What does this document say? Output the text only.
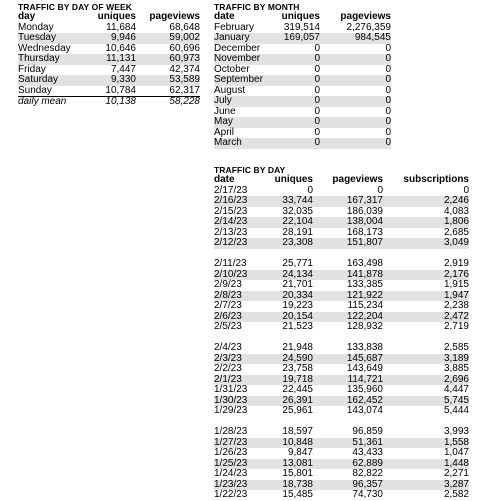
TRAFFIC BY DAY OF WEEK
day	uniques	pageviews
Monday	11,684	68,648
Tuesday	9,946	59,002
Wednesday	10,646	60,696
Thursday	11,131	60,973
Friday	7,447	42,374
Saturday	9,330	53,589
Sunday	10,784	62,317
daily mean	10,138	58,228
TRAFFIC BY MONTH
date	uniques	pageviews
February	319,514	2,276,359
January	169,057	984,545
December	0	0
November	0	0
October	0	0
September	0	0
August	0	0
July	0	0
June	0	0
May	0	0
April	0	0
March	0	0
TRAFFIC BY DAY
date	uniques	pageviews	subscriptions
2/17/23	0	0	0
2/16/23	33,744	167,317	2,246
2/15/23	32,035	186,039	4,083
2/14/23	22,104	138,004	1,806
2/13/23	28,191	168,173	2,685
2/12/23	23,308	151,807	3,049

2/11/23	25,771	163,498	2,919
2/10/23	24,134	141,878	2,176
2/9/23	21,701	133,385	1,915
2/8/23	20,334	121,922	1,947
2/7/23	19,223	115,234	2,238
2/6/23	20,154	122,204	2,472
2/5/23	21,523	128,932	2,719

2/4/23	21,948	133,838	2,585
2/3/23	24,590	145,687	3,189
2/2/23	23,758	143,649	3,885
2/1/23	19,718	114,721	2,696
1/31/23	22,445	135,960	4,447
1/30/23	26,391	162,452	5,745
1/29/23	25,961	143,074	5,444

1/28/23	18,597	96,859	3,993
1/27/23	10,848	51,361	1,558
1/26/23	9,847	43,433	1,047
1/25/23	13,081	62,889	1,448
1/24/23	15,801	82,822	2,271
1/23/23	18,738	96,357	3,287
1/22/23	15,485	74,730	2,582
